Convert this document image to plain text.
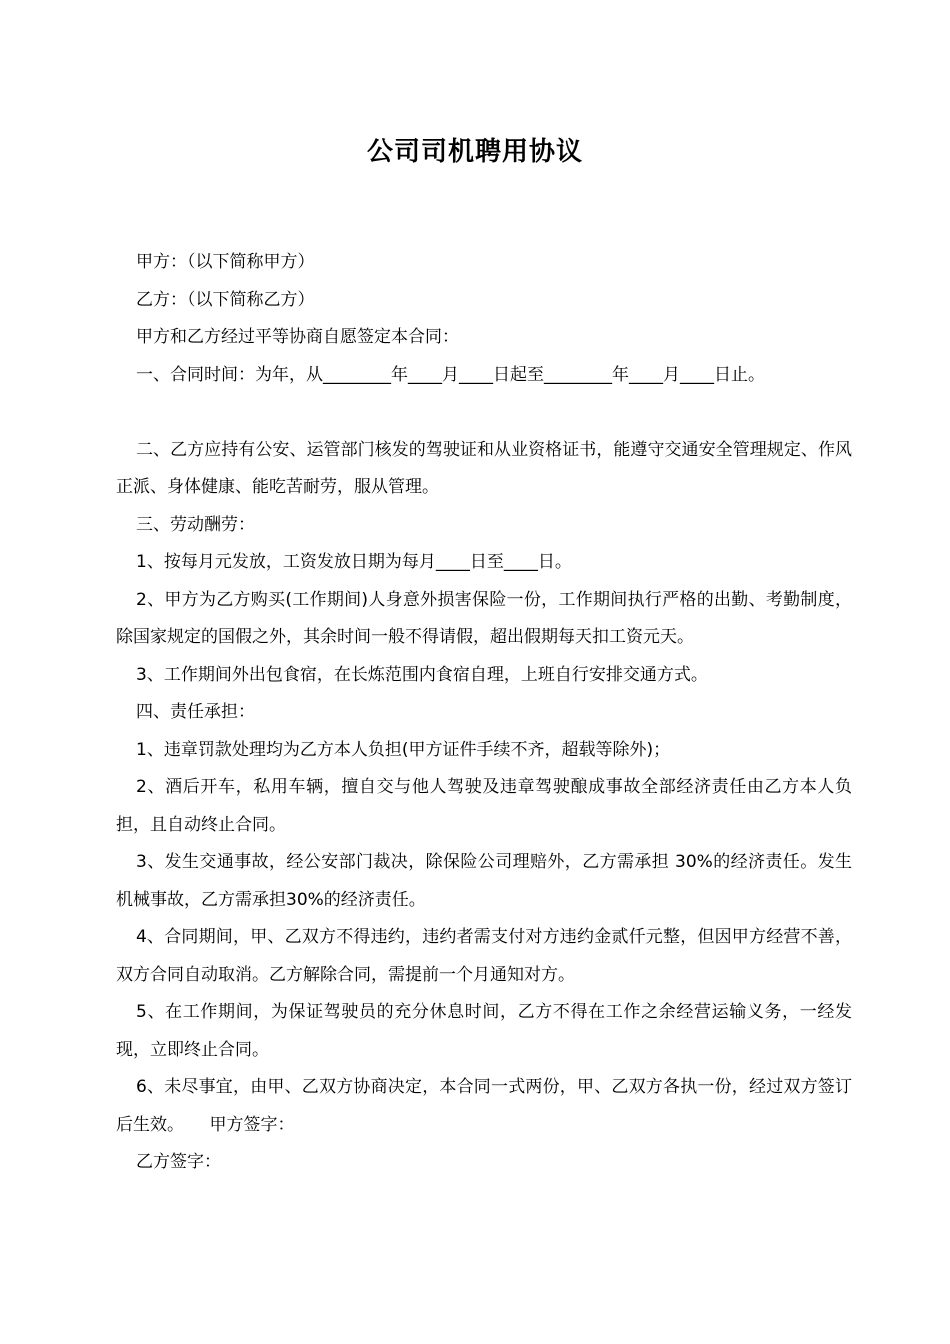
公司司机聘用协议

甲方：（以下简称甲方）

乙方：（以下简称乙方）

甲方和乙方经过平等协商自愿签定本合同：

一、合同时间：为年，从________年____月____日起至________年____月____日止。

二、乙方应持有公安、运管部门核发的驾驶证和从业资格证书，能遵守交通安全管理规定、作风正派、身体健康、能吃苦耐劳，服从管理。

三、劳动酬劳：

1、按每月元发放，工资发放日期为每月____日至____日。

2、甲方为乙方购买(工作期间)人身意外损害保险一份，工作期间执行严格的出勤、考勤制度，除国家规定的国假之外，其余时间一般不得请假，超出假期每天扣工资元天。

3、工作期间外出包食宿，在长炼范围内食宿自理，上班自行安排交通方式。

四、责任承担：

1、违章罚款处理均为乙方本人负担(甲方证件手续不齐，超载等除外)；

2、酒后开车，私用车辆，擅自交与他人驾驶及违章驾驶酿成事故全部经济责任由乙方本人负担，且自动终止合同。

3、发生交通事故，经公安部门裁决，除保险公司理赔外，乙方需承担 30%的经济责任。发生机械事故，乙方需承担30%的经济责任。

4、合同期间，甲、乙双方不得违约，违约者需支付对方违约金贰仟元整，但因甲方经营不善，双方合同自动取消。乙方解除合同，需提前一个月通知对方。

5、在工作期间，为保证驾驶员的充分休息时间，乙方不得在工作之余经营运输义务，一经发现，立即终止合同。

6、未尽事宜，由甲、乙双方协商决定，本合同一式两份，甲、乙双方各执一份，经过双方签订后生效。　　甲方签字：

乙方签字：
